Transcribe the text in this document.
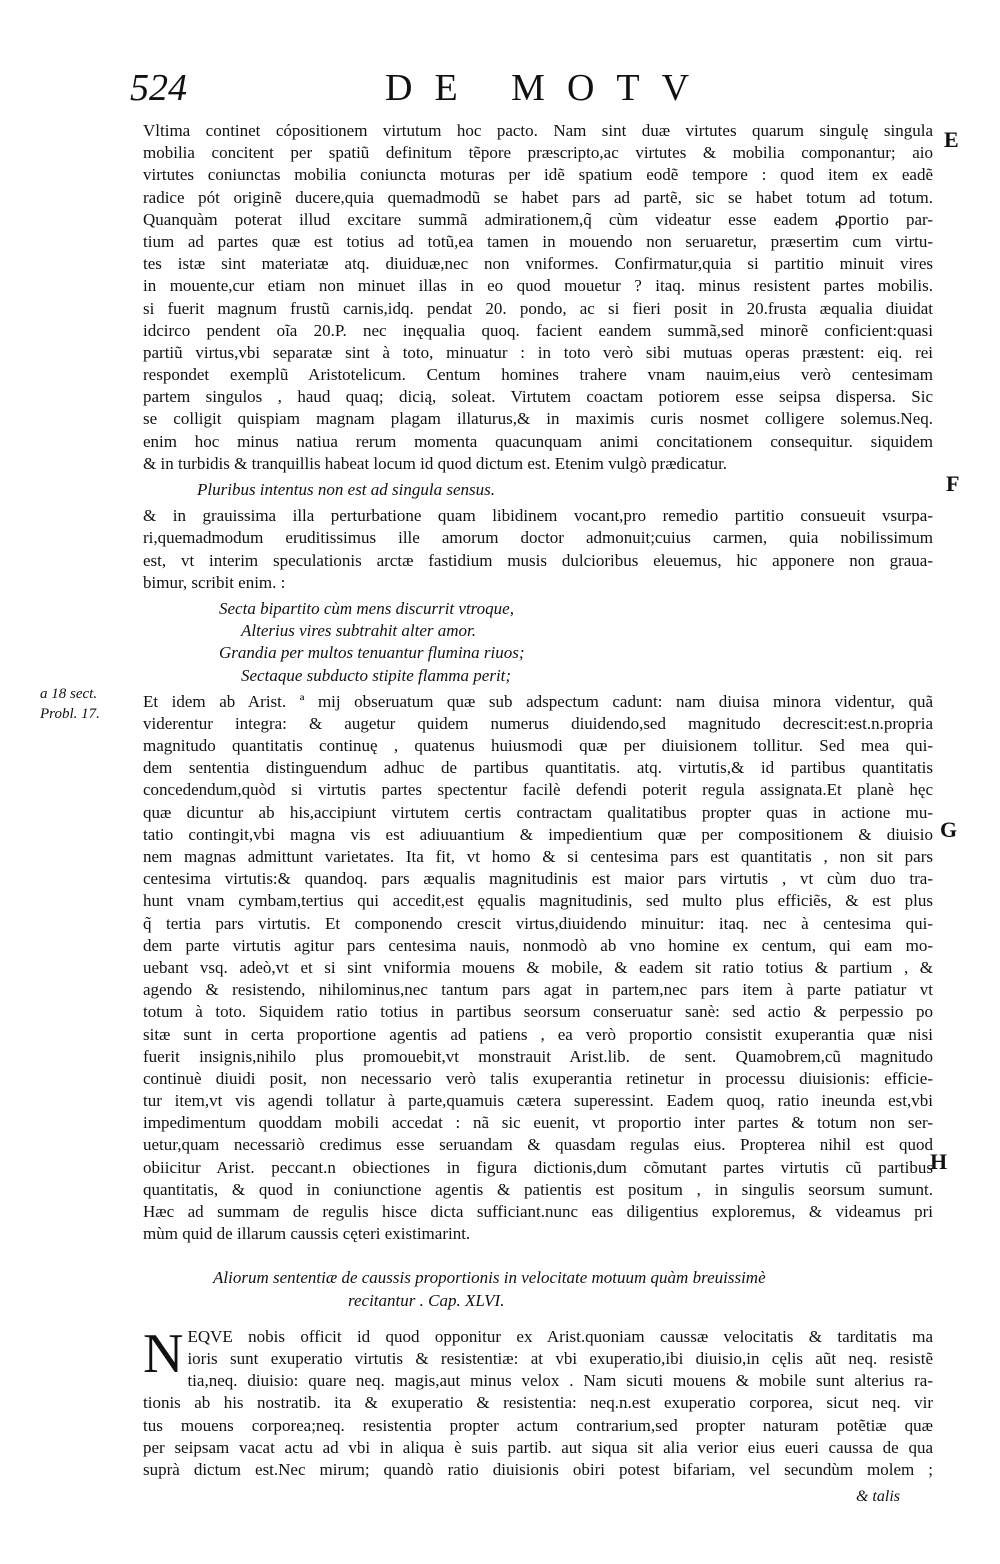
524	DE MOTV
E
F
G
H
a 18 sect.
Probl. 17.
Vltima continet cópositionem virtutum hoc pacto. Nam sint duæ virtutes quarum singulę singula
mobilia concitent per spatiũ definitum tẽpore præscripto,ac virtutes & mobilia componantur; aio
virtutes coniunctas mobilia coniuncta moturas per idẽ spatium eodẽ tempore : quod item ex eadẽ
radice pót originẽ ducere,quia quemadmodũ se habet pars ad partẽ, sic se habet totum ad totum.
Quanquàm poterat illud excitare summã admirationem,q̃ cùm videatur esse eadem ꝓportio par-
tium ad partes quæ est totius ad totũ,ea tamen in mouendo non seruaretur, præsertim cum virtu-
tes istæ sint materiatæ atq. diuiduæ,nec non vniformes. Confirmatur,quia si partitio minuit vires
in mouente,cur etiam non minuet illas in eo quod mouetur ? itaq. minus resistent partes mobilis.
si fuerit magnum frustũ carnis,idq. pendat 20. pondo, ac si fieri posit in 20.frusta æqualia diuidat
idcirco pendent oĩa 20.P. nec inęqualia quoq. facient eandem summã,sed minorẽ conficient:quasi
partiũ virtus,vbi separatæ sint à toto, minuatur : in toto verò sibi mutuas operas præstent: eiq. rei
respondet exemplũ Aristotelicum. Centum homines trahere vnam nauim,eius verò centesimam
partem singulos , haud quaq; dicią, soleat. Virtutem coactam potiorem esse seipsa dispersa. Sic
se colligit quispiam magnam plagam illaturus,& in maximis curis nosmet colligere solemus.Neq.
enim hoc minus natiua rerum momenta quacunquam animi concitationem consequitur. siquidem
& in turbidis & tranquillis habeat locum id quod dictum est. Etenim vulgò prædicatur.
Pluribus intentus non est ad singula sensus.
& in grauissima illa perturbatione quam libidinem vocant,pro remedio partitio consueuit vsurpa-
ri,quemadmodum eruditissimus ille amorum doctor admonuit;cuius carmen, quia nobilissimum
est, vt interim speculationis arctæ fastidium musis dulcioribus eleuemus, hic apponere non graua-
bimur, scribit enim. :
Secta bipartito cùm mens discurrit vtroque,
Alterius vires subtrahit alter amor.
Grandia per multos tenuantur flumina riuos;
Sectaque subducto stipite flamma perit;
Et idem ab Arist. ª mij obseruatum quæ sub adspectum cadunt: nam diuisa minora videntur, quã
viderentur integra: & augetur quidem numerus diuidendo,sed magnitudo decrescit:est.n.propria
magnitudo quantitatis continuę , quatenus huiusmodi quæ per diuisionem tollitur. Sed mea qui-
dem sententia distinguendum adhuc de partibus quantitatis. atq. virtutis,& id partibus quantitatis
concedendum,quòd si virtutis partes spectentur facilè defendi poterit regula assignata.Et planè hęc
quæ dicuntur ab his,accipiunt virtutem certis contractam qualitatibus propter quas in actione mu-
tatio contingit,vbi magna vis est adiuuantium & impedientium quæ per compositionem & diuisio
nem magnas admittunt varietates. Ita fit, vt homo & si centesima pars est quantitatis , non sit pars
centesima virtutis:& quandoq. pars æqualis magnitudinis est maior pars virtutis , vt cùm duo tra-
hunt vnam cymbam,tertius qui accedit,est ęqualis magnitudinis, sed multo plus efficiẽs, & est plus
q̃ tertia pars virtutis. Et componendo crescit virtus,diuidendo minuitur: itaq. nec à centesima qui-
dem parte virtutis agitur pars centesima nauis, nonmodò ab vno homine ex centum, qui eam mo-
uebant vsq. adeò,vt et si sint vniformia mouens & mobile, & eadem sit ratio totius & partium , &
agendo & resistendo, nihilominus,nec tantum pars agat in partem,nec pars item à parte patiatur vt
totum à toto. Siquidem ratio totius in partibus seorsum conseruatur sanè: sed actio & perpessio po
sitæ sunt in certa proportione agentis ad patiens , ea verò proportio consistit exuperantia quæ nisi
fuerit insignis,nihilo plus promouebit,vt monstrauit Arist.lib. de sent. Quamobrem,cũ magnitudo
continuè diuidi posit, non necessario verò talis exuperantia retinetur in processu diuisionis: efficie-
tur item,vt vis agendi tollatur à parte,quamuis cætera superessint. Eadem quoq, ratio ineunda est,vbi
impedimentum quoddam mobili accedat : nã sic euenit, vt proportio inter partes & totum non ser-
uetur,quam necessariò credimus esse seruandam & quasdam regulas eius. Propterea nihil est quod
obiicitur Arist. peccant.n obiectiones in figura dictionis,dum cõmutant partes virtutis cũ partibus
quantitatis, & quod in coniunctione agentis & patientis est positum , in singulis seorsum sumunt.
Hæc ad summam de regulis hisce dicta sufficiant.nunc eas diligentius exploremus, & videamus pri
mùm quid de illarum caussis cęteri existimarint.
Aliorum sententiæ de caussis proportionis in velocitate motuum quàm breuissimè
recitantur . Cap. XLVI.
N EQVE nobis officit id quod opponitur ex Arist.quoniam caussæ velocitatis & tarditatis ma
ioris sunt exuperatio virtutis & resistentiæ: at vbi exuperatio,ibi diuisio,in cęlis aũt neq. resistẽ
tia,neq. diuisio: quare neq. magis,aut minus velox . Nam sicuti mouens & mobile sunt alterius ra-
tionis ab his nostratib. ita & exuperatio & resistentia: neq.n.est exuperatio corporea, sicut neq. vir
tus mouens corporea;neq. resistentia propter actum contrarium,sed propter naturam potẽtiæ quæ
per seipsam vacat actu ad vbi in aliqua è suis partib. aut siqua sit alia verior eius eueri caussa de qua
suprà dictum est.Nec mirum; quandò ratio diuisionis obiri potest bifariam, vel secundùm molem ;
& talis
